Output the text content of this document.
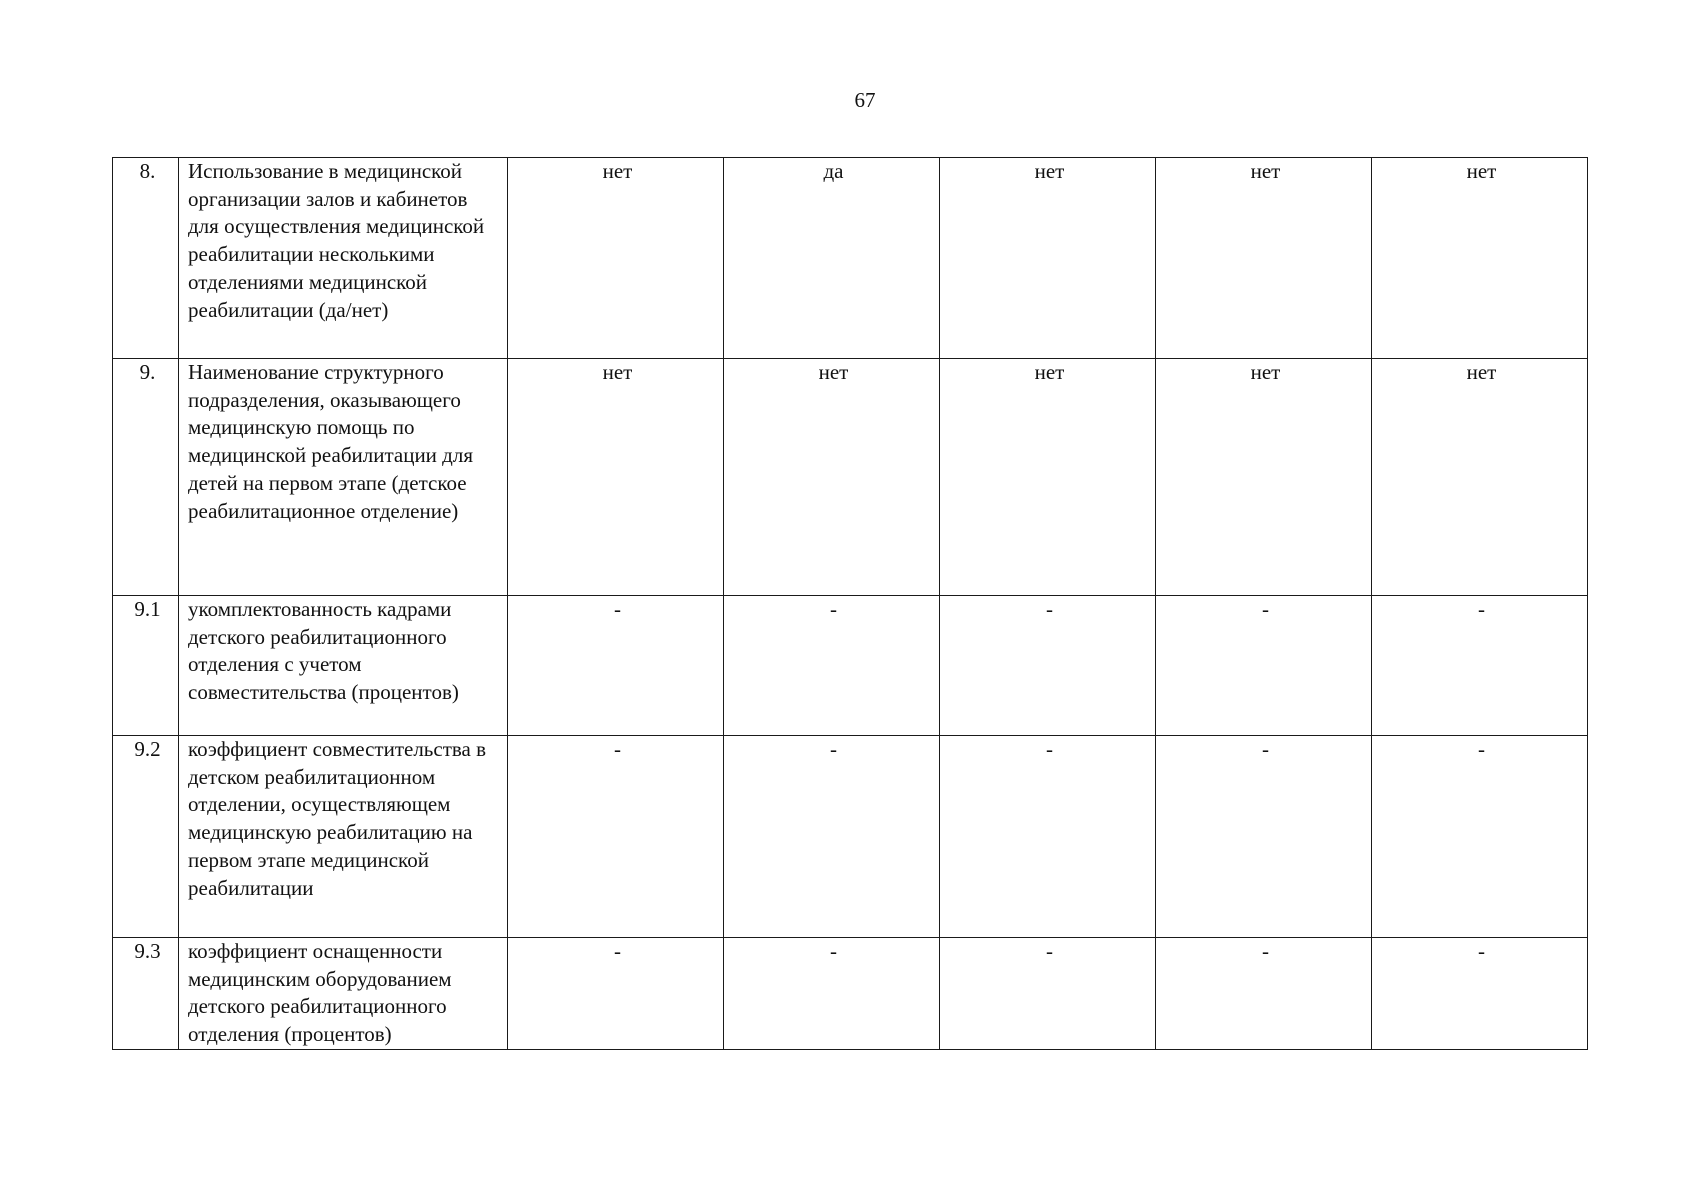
67
8.	Использование в медицинской организации залов и кабинетов для осуществления медицинской реабилитации несколькими отделениями медицинской реабилитации (да/нет)	нет	да	нет	нет	нет
9.	Наименование структурного подразделения, оказывающего медицинскую помощь по медицинской реабилитации для детей на первом этапе (детское реабилитационное отделение)	нет	нет	нет	нет	нет
9.1	укомплектованность кадрами детского реабилитационного отделения с учетом совместительства (процентов)	-	-	-	-	-
9.2	коэффициент совместительства в детском реабилитационном отделении, осуществляющем медицинскую реабилитацию на первом этапе медицинской реабилитации	-	-	-	-	-
9.3	коэффициент оснащенности медицинским оборудованием детского реабилитационного отделения (процентов)	-	-	-	-	-
